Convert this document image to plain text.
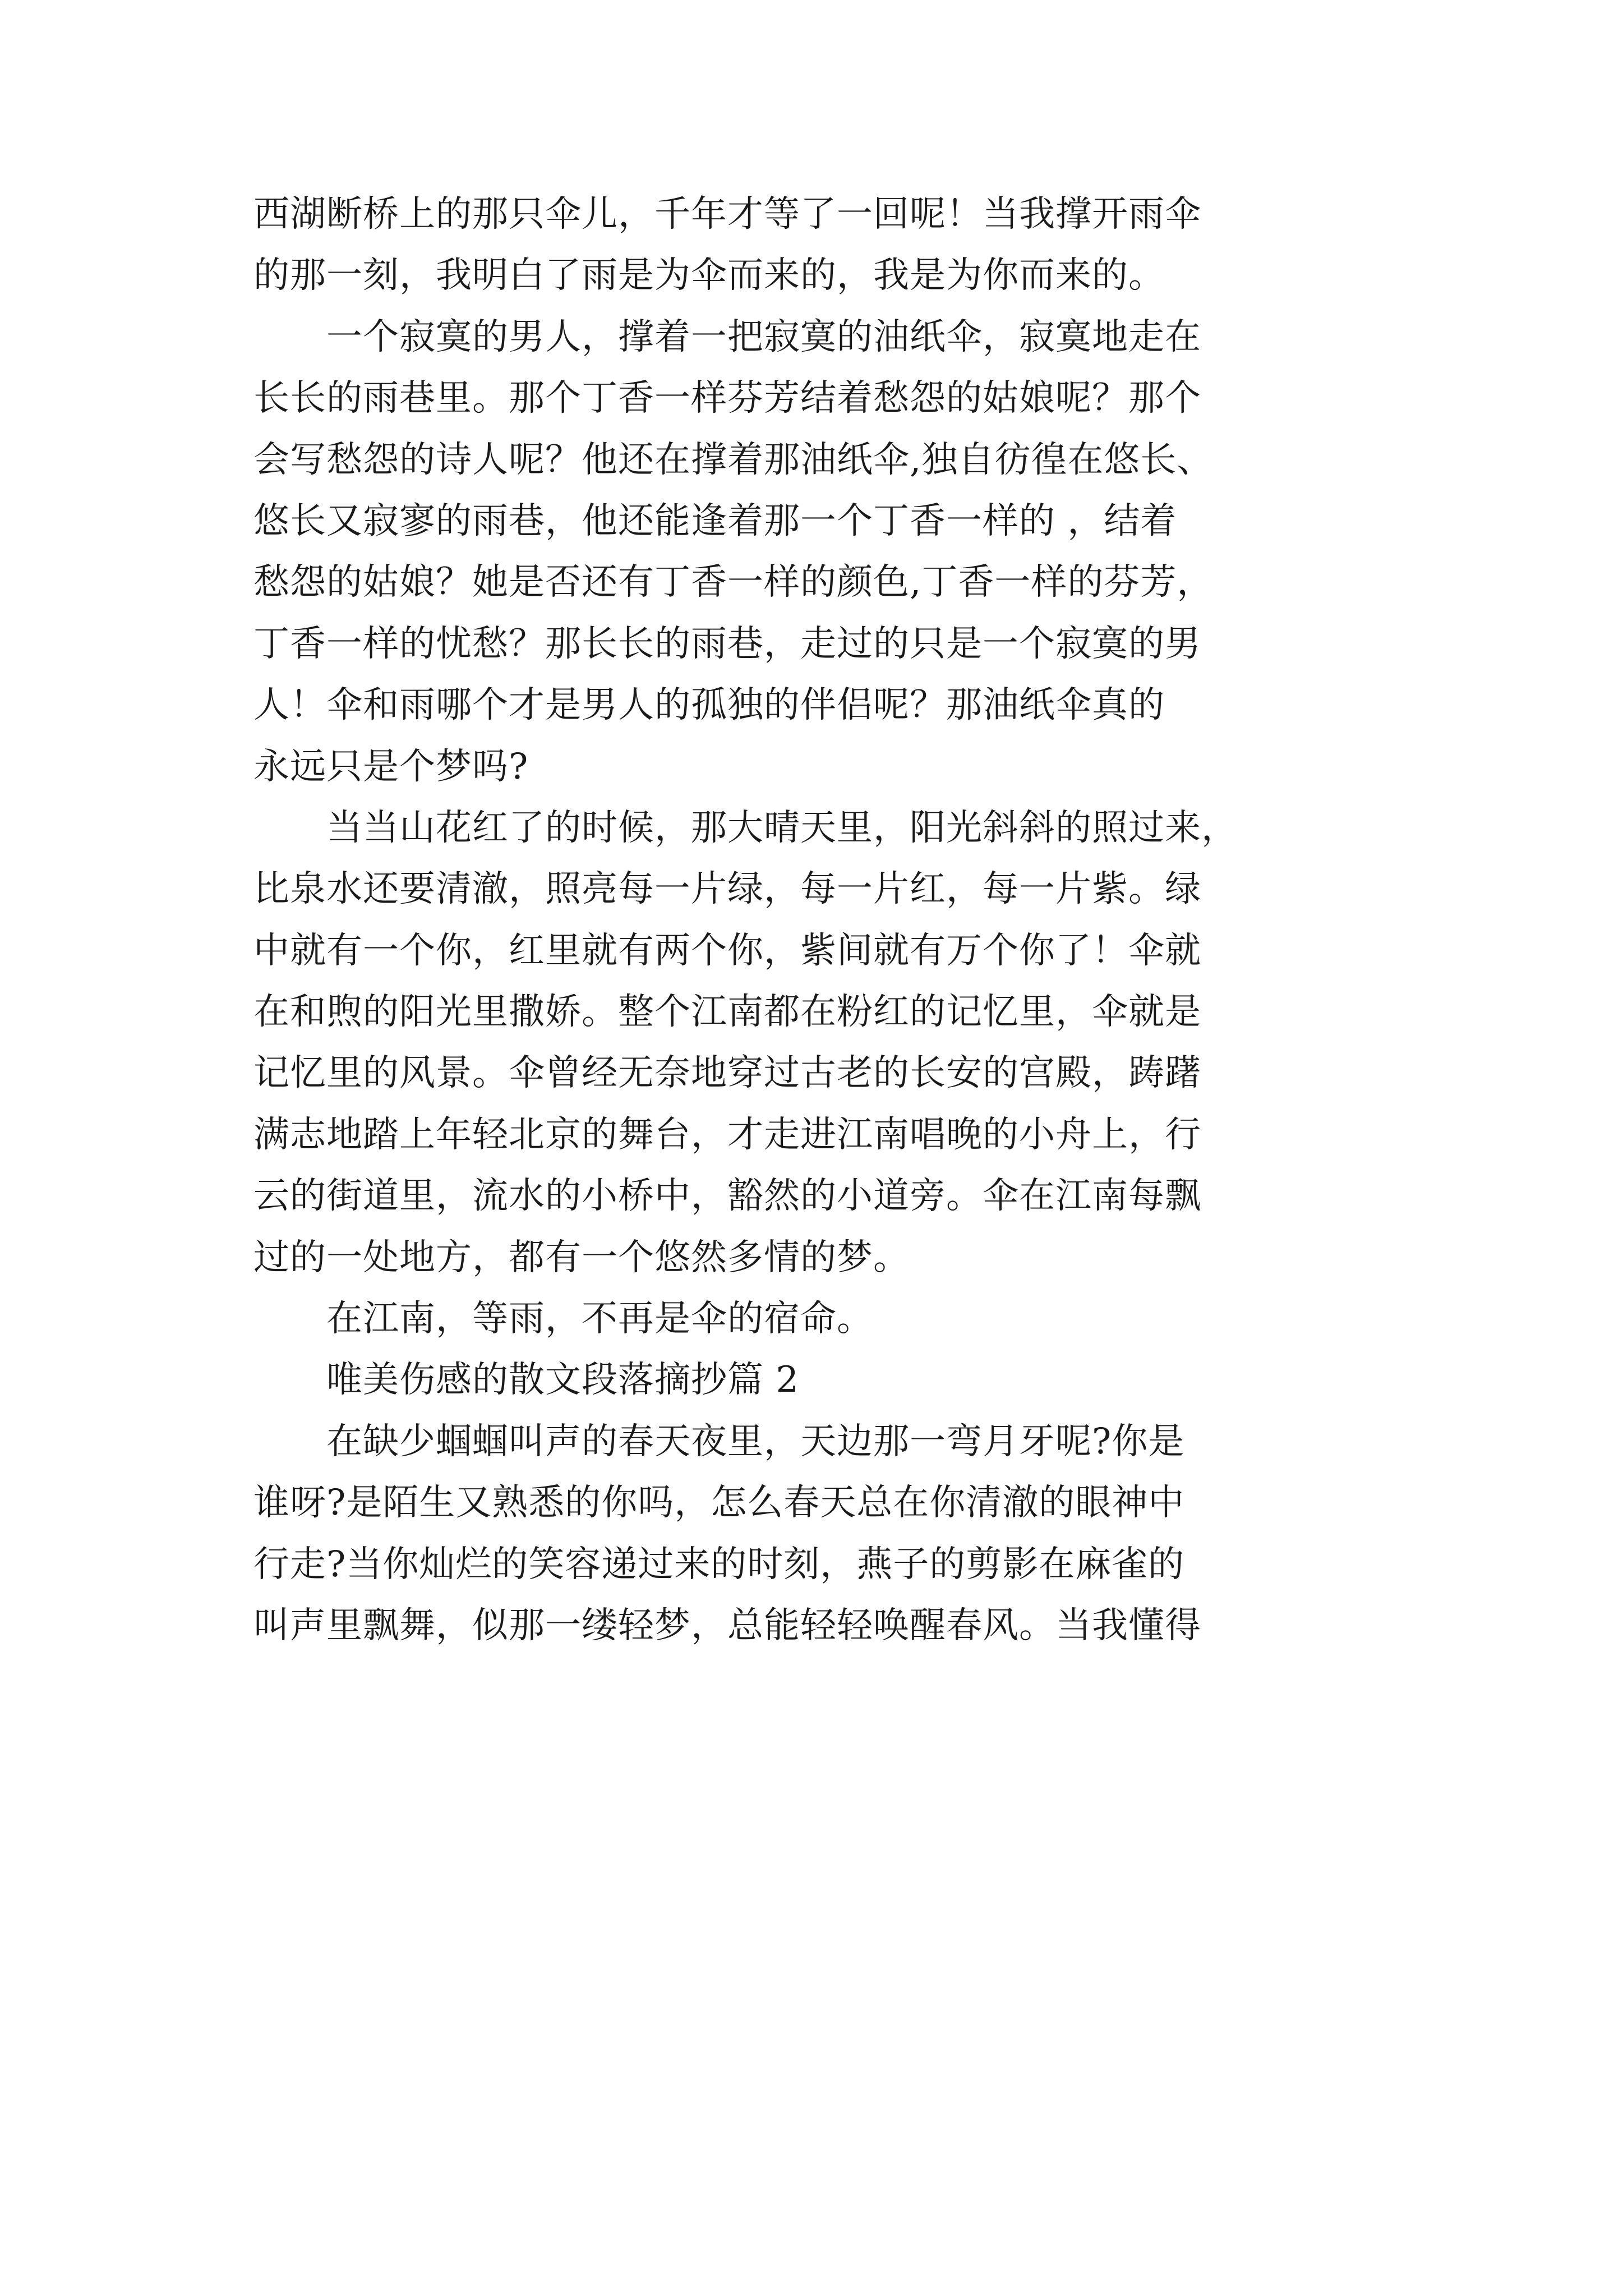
西湖断桥上的那只伞儿，千年才等了一回呢！当我撑开雨伞
的那一刻，我明白了雨是为伞而来的，我是为你而来的。
　　一个寂寞的男人，撑着一把寂寞的油纸伞，寂寞地走在
长长的雨巷里。那个丁香一样芬芳结着愁怨的姑娘呢？那个
会写愁怨的诗人呢？他还在撑着那油纸伞,独自彷徨在悠长、
悠长又寂寥的雨巷，他还能逢着那一个丁香一样的 ，结着
愁怨的姑娘？她是否还有丁香一样的颜色,丁香一样的芬芳，
丁香一样的忧愁？那长长的雨巷，走过的只是一个寂寞的男
人！伞和雨哪个才是男人的孤独的伴侣呢？那油纸伞真的
永远只是个梦吗?
　　当当山花红了的时候，那大晴天里，阳光斜斜的照过来，
比泉水还要清澈，照亮每一片绿，每一片红，每一片紫。绿
中就有一个你，红里就有两个你，紫间就有万个你了！伞就
在和煦的阳光里撒娇。整个江南都在粉红的记忆里，伞就是
记忆里的风景。伞曾经无奈地穿过古老的长安的宫殿，踌躇
满志地踏上年轻北京的舞台，才走进江南唱晚的小舟上，行
云的街道里，流水的小桥中，豁然的小道旁。伞在江南每飘
过的一处地方，都有一个悠然多情的梦。
　　在江南，等雨，不再是伞的宿命。
　　唯美伤感的散文段落摘抄篇 2
　　在缺少蝈蝈叫声的春天夜里，天边那一弯月牙呢?你是
谁呀?是陌生又熟悉的你吗，怎么春天总在你清澈的眼神中
行走?当你灿烂的笑容递过来的时刻，燕子的剪影在麻雀的
叫声里飘舞，似那一缕轻梦，总能轻轻唤醒春风。当我懂得
